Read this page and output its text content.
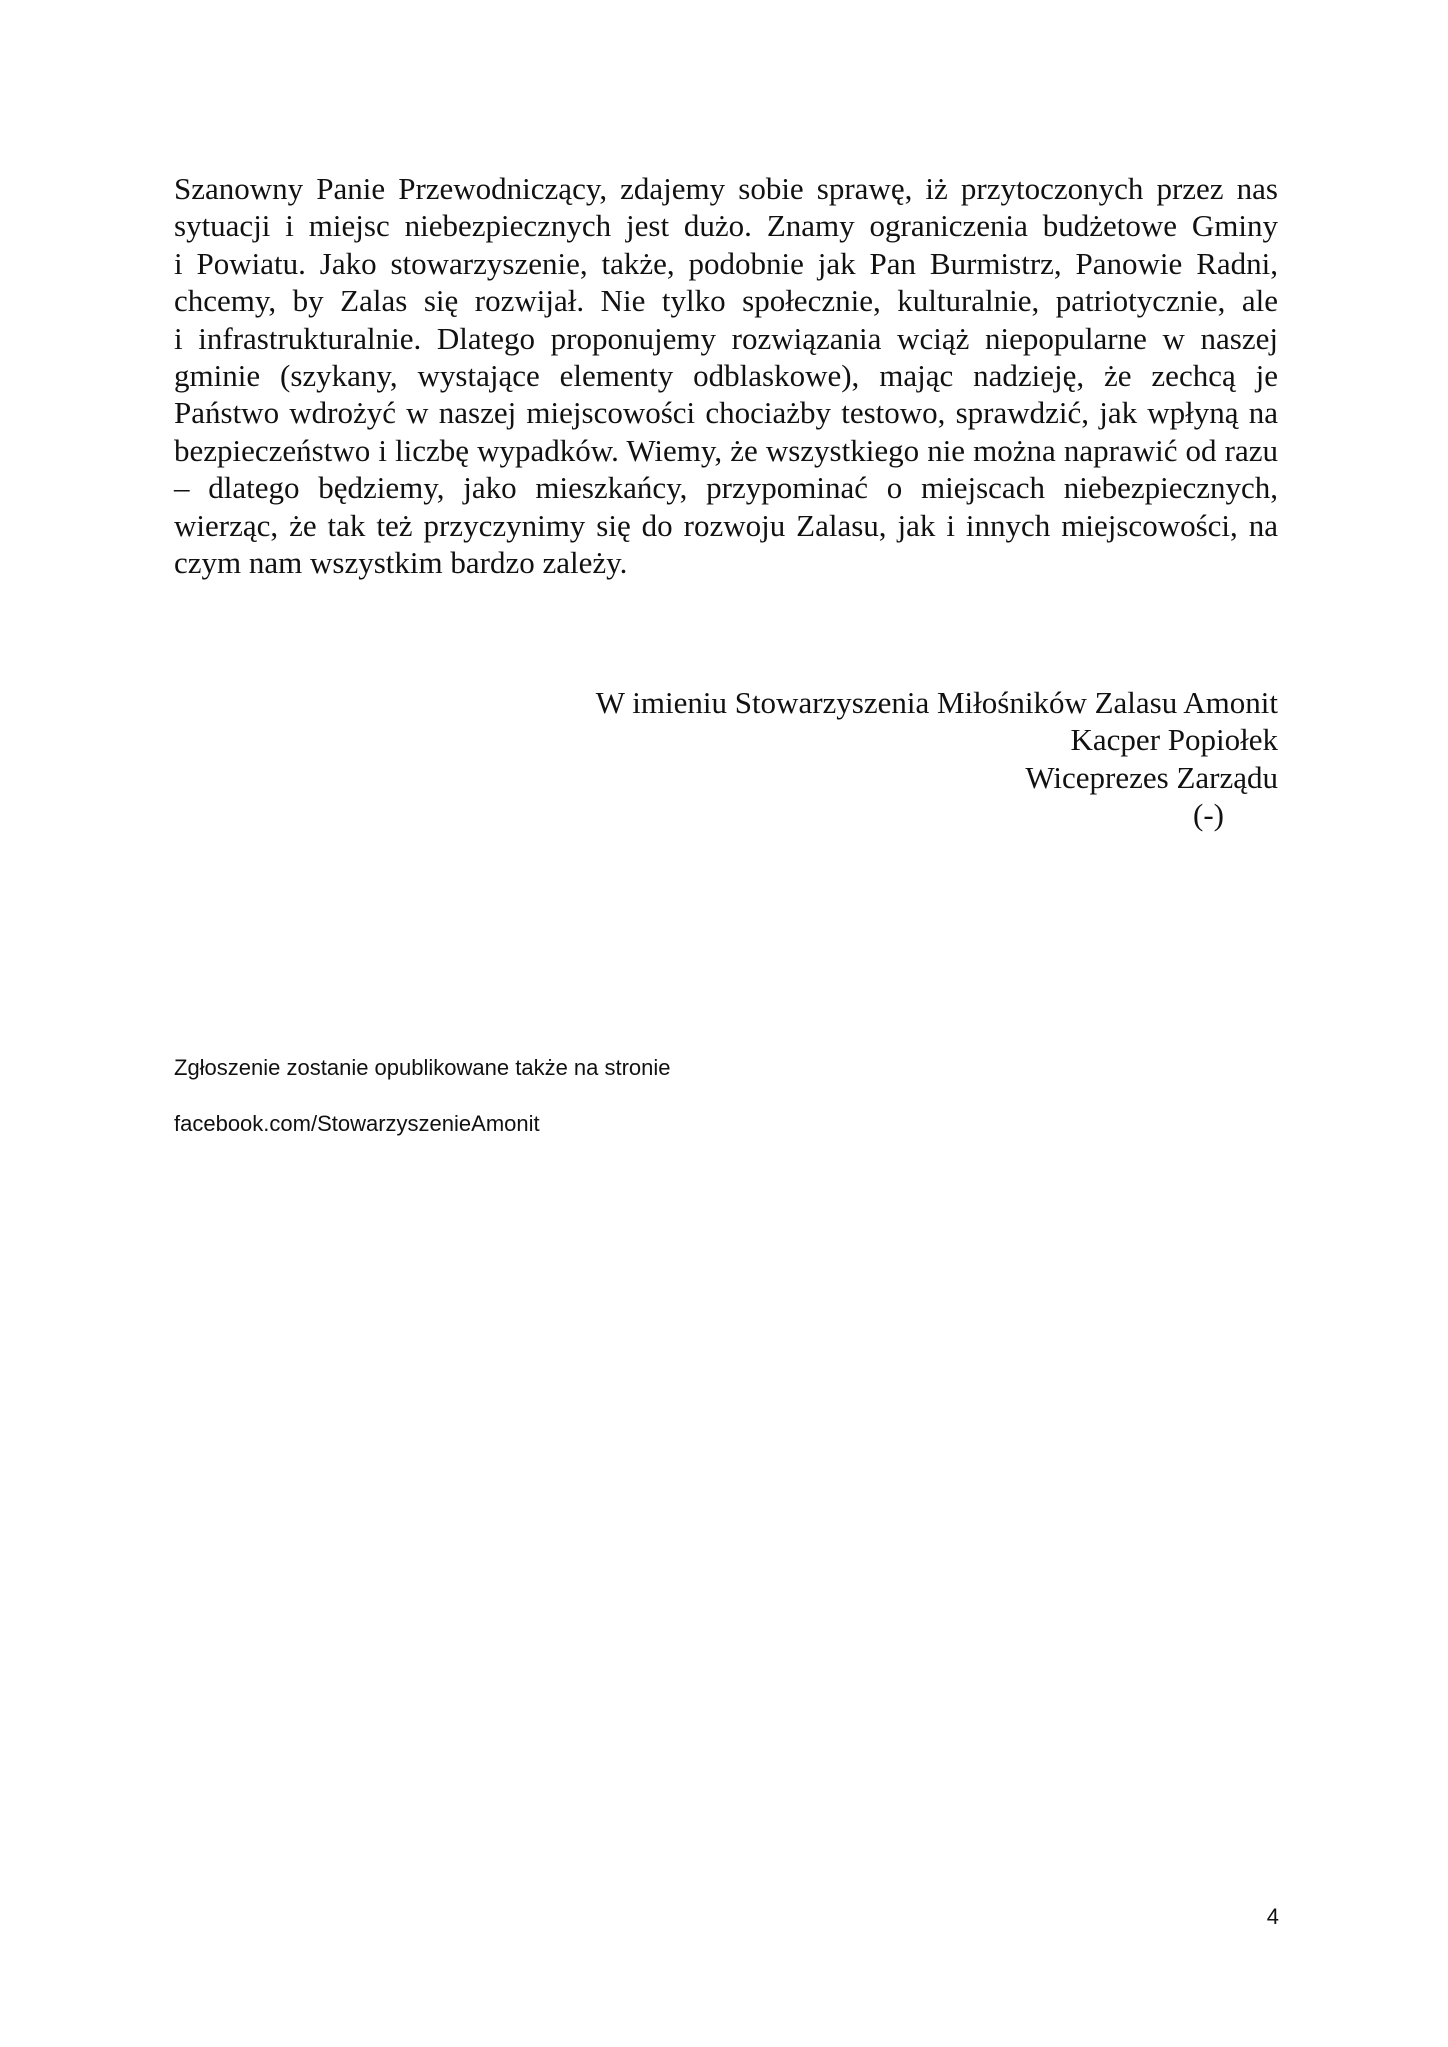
Szanowny Panie Przewodniczący, zdajemy sobie sprawę, iż przytoczonych przez nas
sytuacji i miejsc niebezpiecznych jest dużo. Znamy ograniczenia budżetowe Gminy
i Powiatu. Jako stowarzyszenie, także, podobnie jak Pan Burmistrz, Panowie Radni,
chcemy, by Zalas się rozwijał. Nie tylko społecznie, kulturalnie, patriotycznie, ale
i infrastrukturalnie. Dlatego proponujemy rozwiązania wciąż niepopularne w naszej
gminie (szykany, wystające elementy odblaskowe), mając nadzieję, że zechcą je
Państwo wdrożyć w naszej miejscowości chociażby testowo, sprawdzić, jak wpłyną na
bezpieczeństwo i liczbę wypadków. Wiemy, że wszystkiego nie można naprawić od razu
– dlatego będziemy, jako mieszkańcy, przypominać o miejscach niebezpiecznych,
wierząc, że tak też przyczynimy się do rozwoju Zalasu, jak i innych miejscowości, na
czym nam wszystkim bardzo zależy.
W imieniu Stowarzyszenia Miłośników Zalasu Amonit
Kacper Popiołek
Wiceprezes Zarządu
(-)
Zgłoszenie zostanie opublikowane także na stronie
facebook.com/StowarzyszenieAmonit
4
